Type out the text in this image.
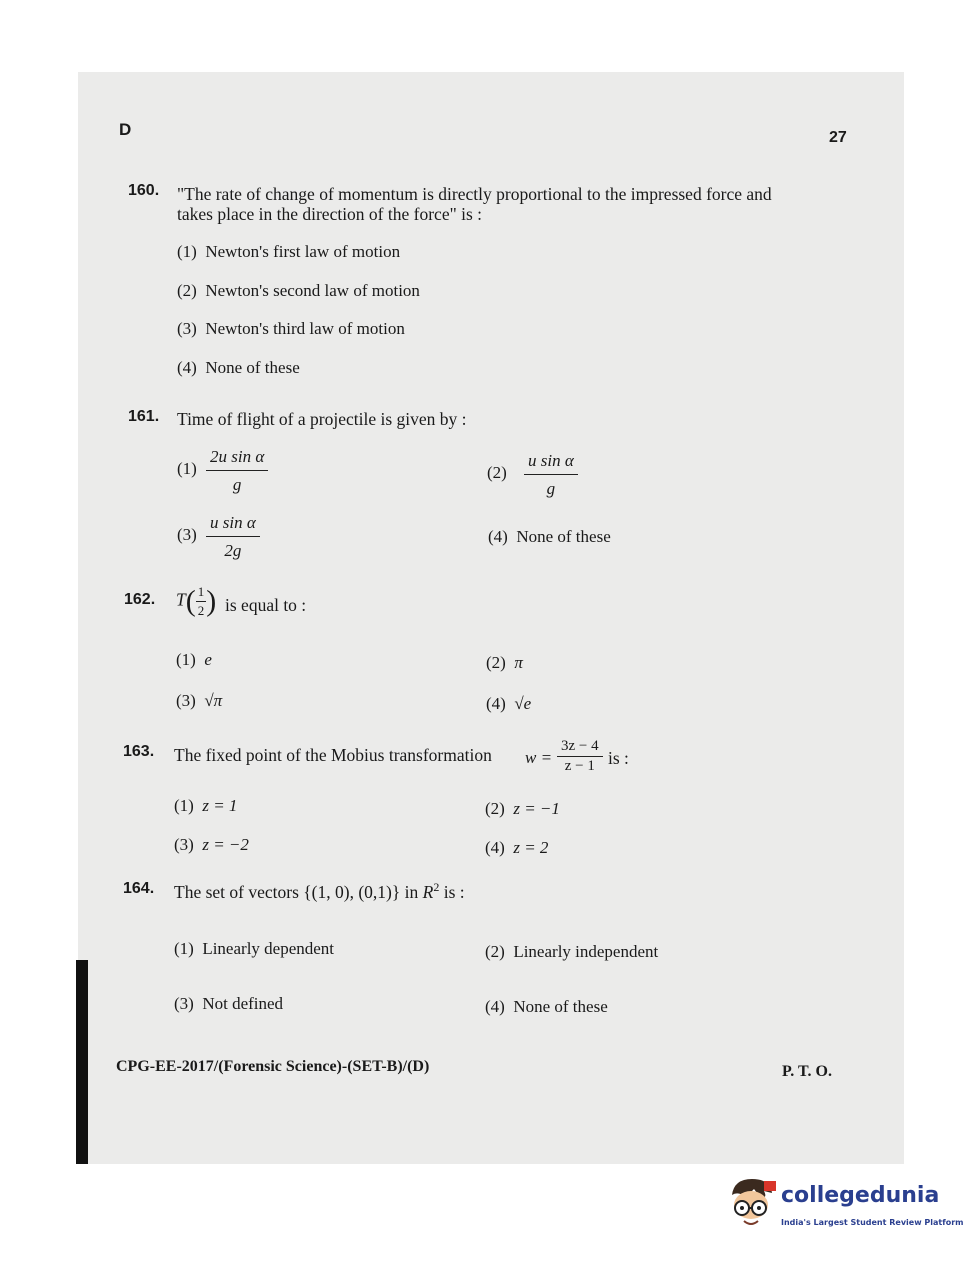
D	27
160. "The rate of change of momentum is directly proportional to the impressed force and
takes place in the direction of the force" is :
(1) Newton's first law of motion
(2) Newton's second law of motion
(3) Newton's third law of motion
(4) None of these
161. Time of flight of a projectile is given by :
$(1) \frac{\text{2u sin α}}{g}$	$(2) \frac{\text{u sin α}}{g}$
$(3) \frac{\text{u sin α}}{2g}$	(4) None of these
162. $T( \frac{1}{2}$ ) is equal to :
(1) e	(2) π
(3) √π	(4) √e
163. The fixed point of the Mobius transformation $w = \frac{3z - 4}{z - 1}$ is :
(1) z = 1	(2) z = −1
(3) z = −2	(4) z = 2
164. The set of vectors {(1, 0), (0,1)} in $R^2$ is :
(1) Linearly dependent	(2) Linearly independent
(3) Not defined	(4) None of these
CPG-EE-2017/(Forensic Science)-(SET-B)/(D)	P. T. O.
collegedunia
India's Largest Student Review Platform
